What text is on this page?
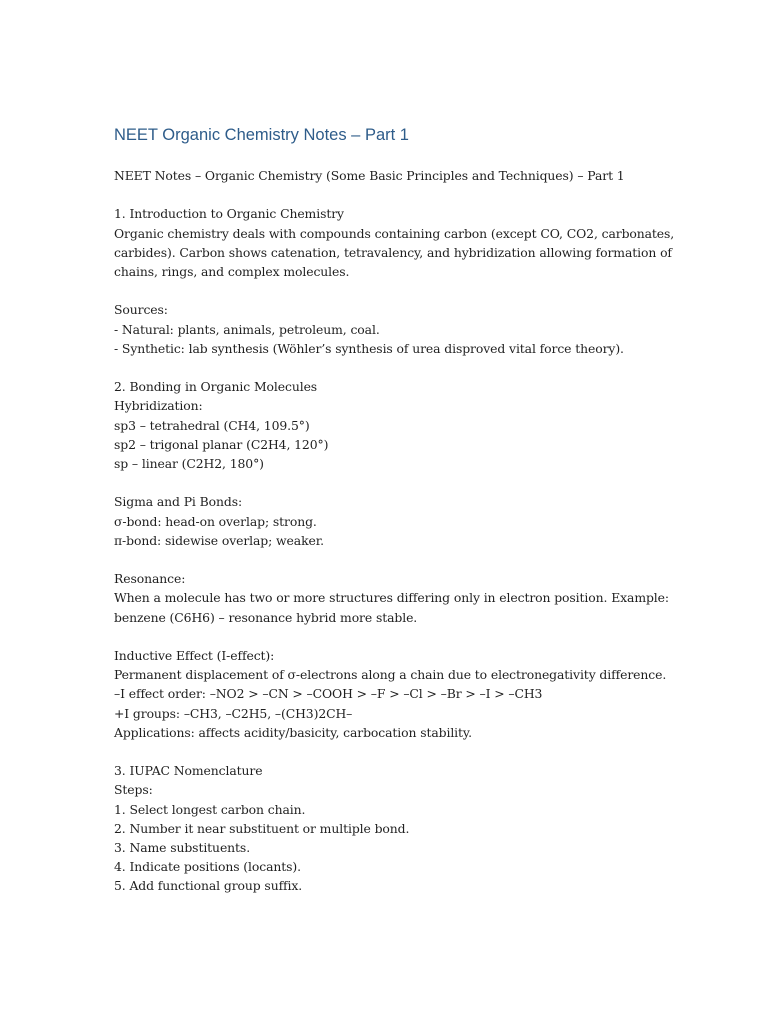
NEET Organic Chemistry Notes – Part 1
NEET Notes – Organic Chemistry (Some Basic Principles and Techniques) – Part 1
1. Introduction to Organic Chemistry
Organic chemistry deals with compounds containing carbon (except CO, CO2, carbonates,
carbides). Carbon shows catenation, tetravalency, and hybridization allowing formation of
chains, rings, and complex molecules.
Sources:
- Natural: plants, animals, petroleum, coal.
- Synthetic: lab synthesis (Wöhler’s synthesis of urea disproved vital force theory).
2. Bonding in Organic Molecules
Hybridization:
sp3 – tetrahedral (CH4, 109.5°)
sp2 – trigonal planar (C2H4, 120°)
sp – linear (C2H2, 180°)
Sigma and Pi Bonds:
σ-bond: head-on overlap; strong.
π-bond: sidewise overlap; weaker.
Resonance:
When a molecule has two or more structures differing only in electron position. Example:
benzene (C6H6) – resonance hybrid more stable.
Inductive Effect (I-effect):
Permanent displacement of σ-electrons along a chain due to electronegativity difference.
–I effect order: –NO2 > –CN > –COOH > –F > –Cl > –Br > –I > –CH3
+I groups: –CH3, –C2H5, –(CH3)2CH–
Applications: affects acidity/basicity, carbocation stability.
3. IUPAC Nomenclature
Steps:
1. Select longest carbon chain.
2. Number it near substituent or multiple bond.
3. Name substituents.
4. Indicate positions (locants).
5. Add functional group suffix.
